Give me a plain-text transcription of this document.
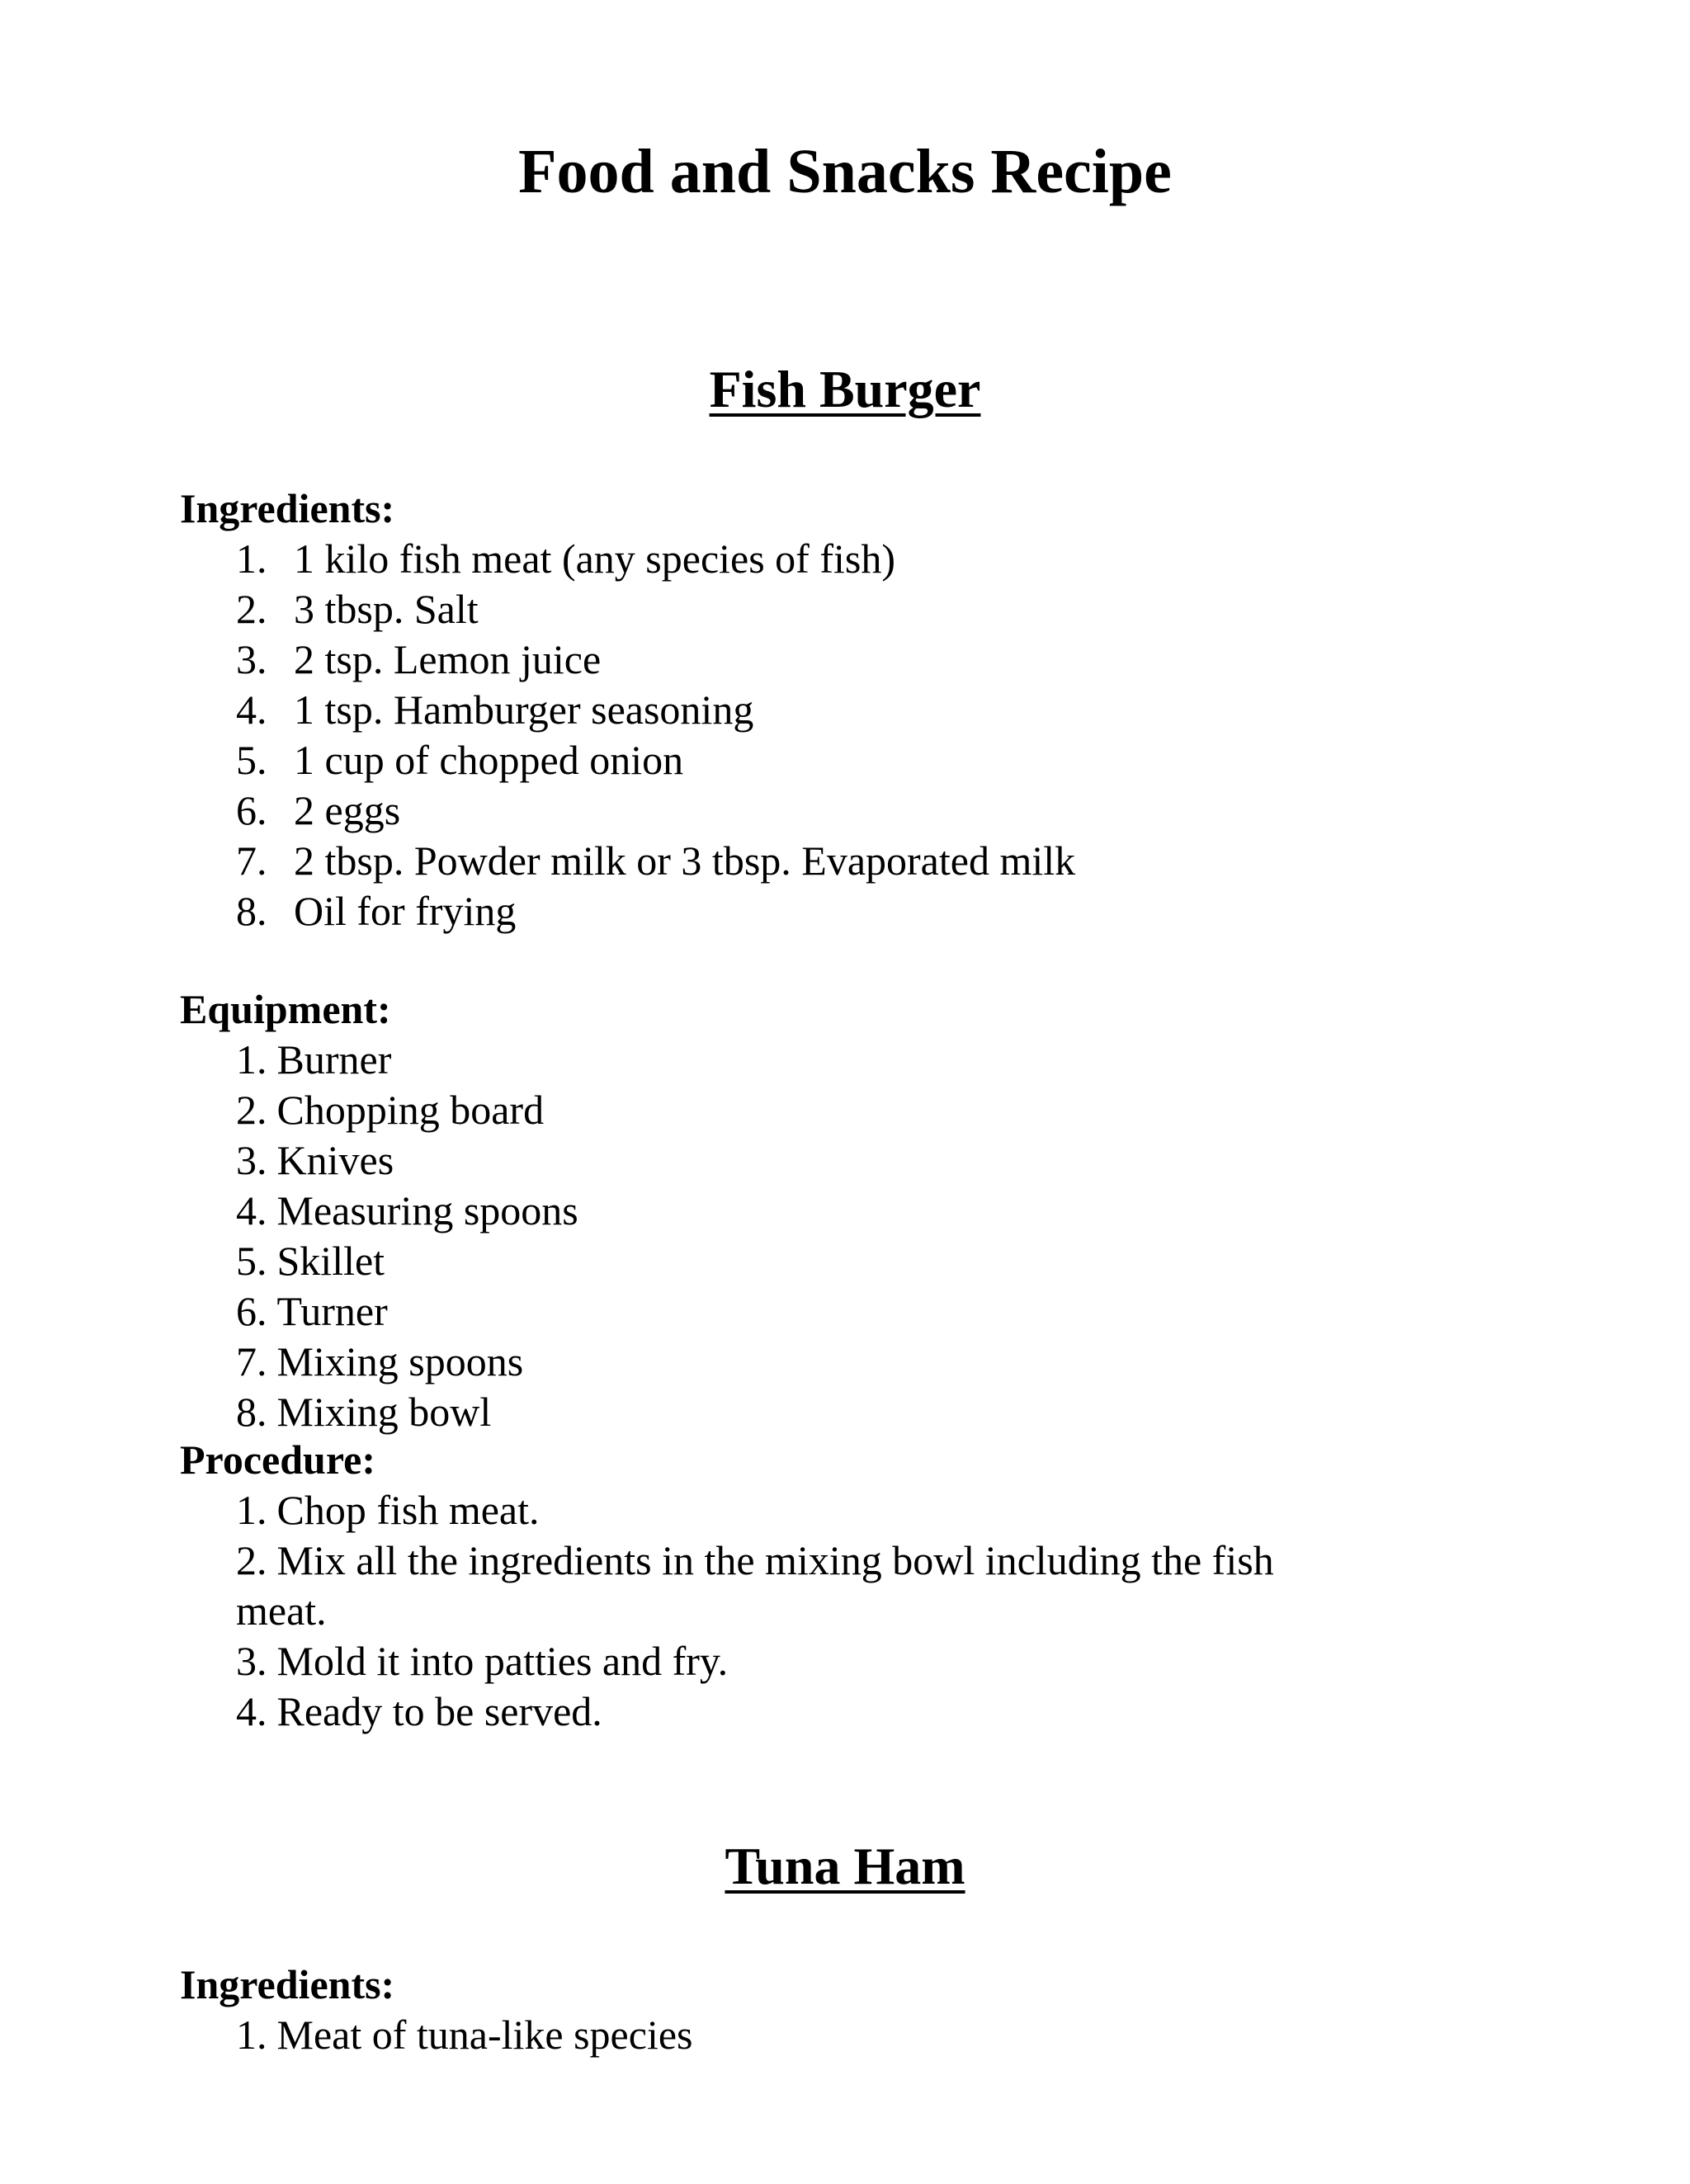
Food and Snacks Recipe
Fish Burger
Ingredients:
1. 1 kilo fish meat (any species of fish)
2. 3 tbsp. Salt
3. 2 tsp. Lemon juice
4. 1 tsp. Hamburger seasoning
5. 1 cup of chopped onion
6. 2 eggs
7. 2 tbsp. Powder milk or 3 tbsp. Evaporated milk
8. Oil for frying
Equipment:
1. Burner
2. Chopping board
3. Knives
4. Measuring spoons
5. Skillet
6. Turner
7. Mixing spoons
8. Mixing bowl
Procedure:
1. Chop fish meat.
2. Mix all the ingredients in the mixing bowl including the fish meat.
3. Mold it into patties and fry.
4. Ready to be served.
Tuna Ham
Ingredients:
1. Meat of tuna-like species
